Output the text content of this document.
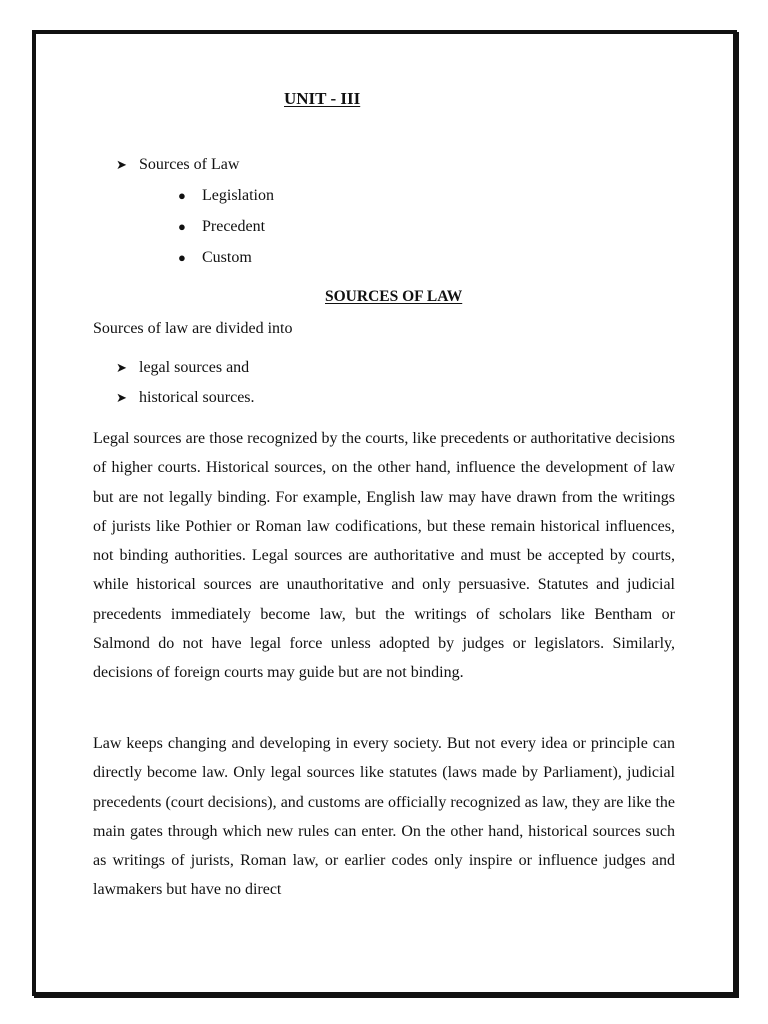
UNIT - III
➤ Sources of Law
●	Legislation
●	Precedent
●	Custom
SOURCES OF LAW
Sources of law are divided into
➤ legal sources and
➤ historical sources.

Legal sources are those recognized by the courts, like precedents or authoritative decisions of higher courts. Historical sources, on the other hand, influence the development of law but are not legally binding. For example, English law may have drawn from the writings of jurists like Pothier or Roman law codifications, but these remain historical influences, not binding authorities. Legal sources are authoritative and must be accepted by courts, while historical sources are unauthoritative and only persuasive. Statutes and judicial precedents immediately become law, but the writings of scholars like Bentham or Salmond do not have legal force unless adopted by judges or legislators. Similarly, decisions of foreign courts may guide but are not binding.

Law keeps changing and developing in every society. But not every idea or principle can directly become law. Only legal sources like statutes (laws made by Parliament), judicial precedents (court decisions), and customs are officially recognized as law, they are like the main gates through which new rules can enter. On the other hand, historical sources such as writings of jurists, Roman law, or earlier codes only inspire or influence judges and lawmakers but have no direct
